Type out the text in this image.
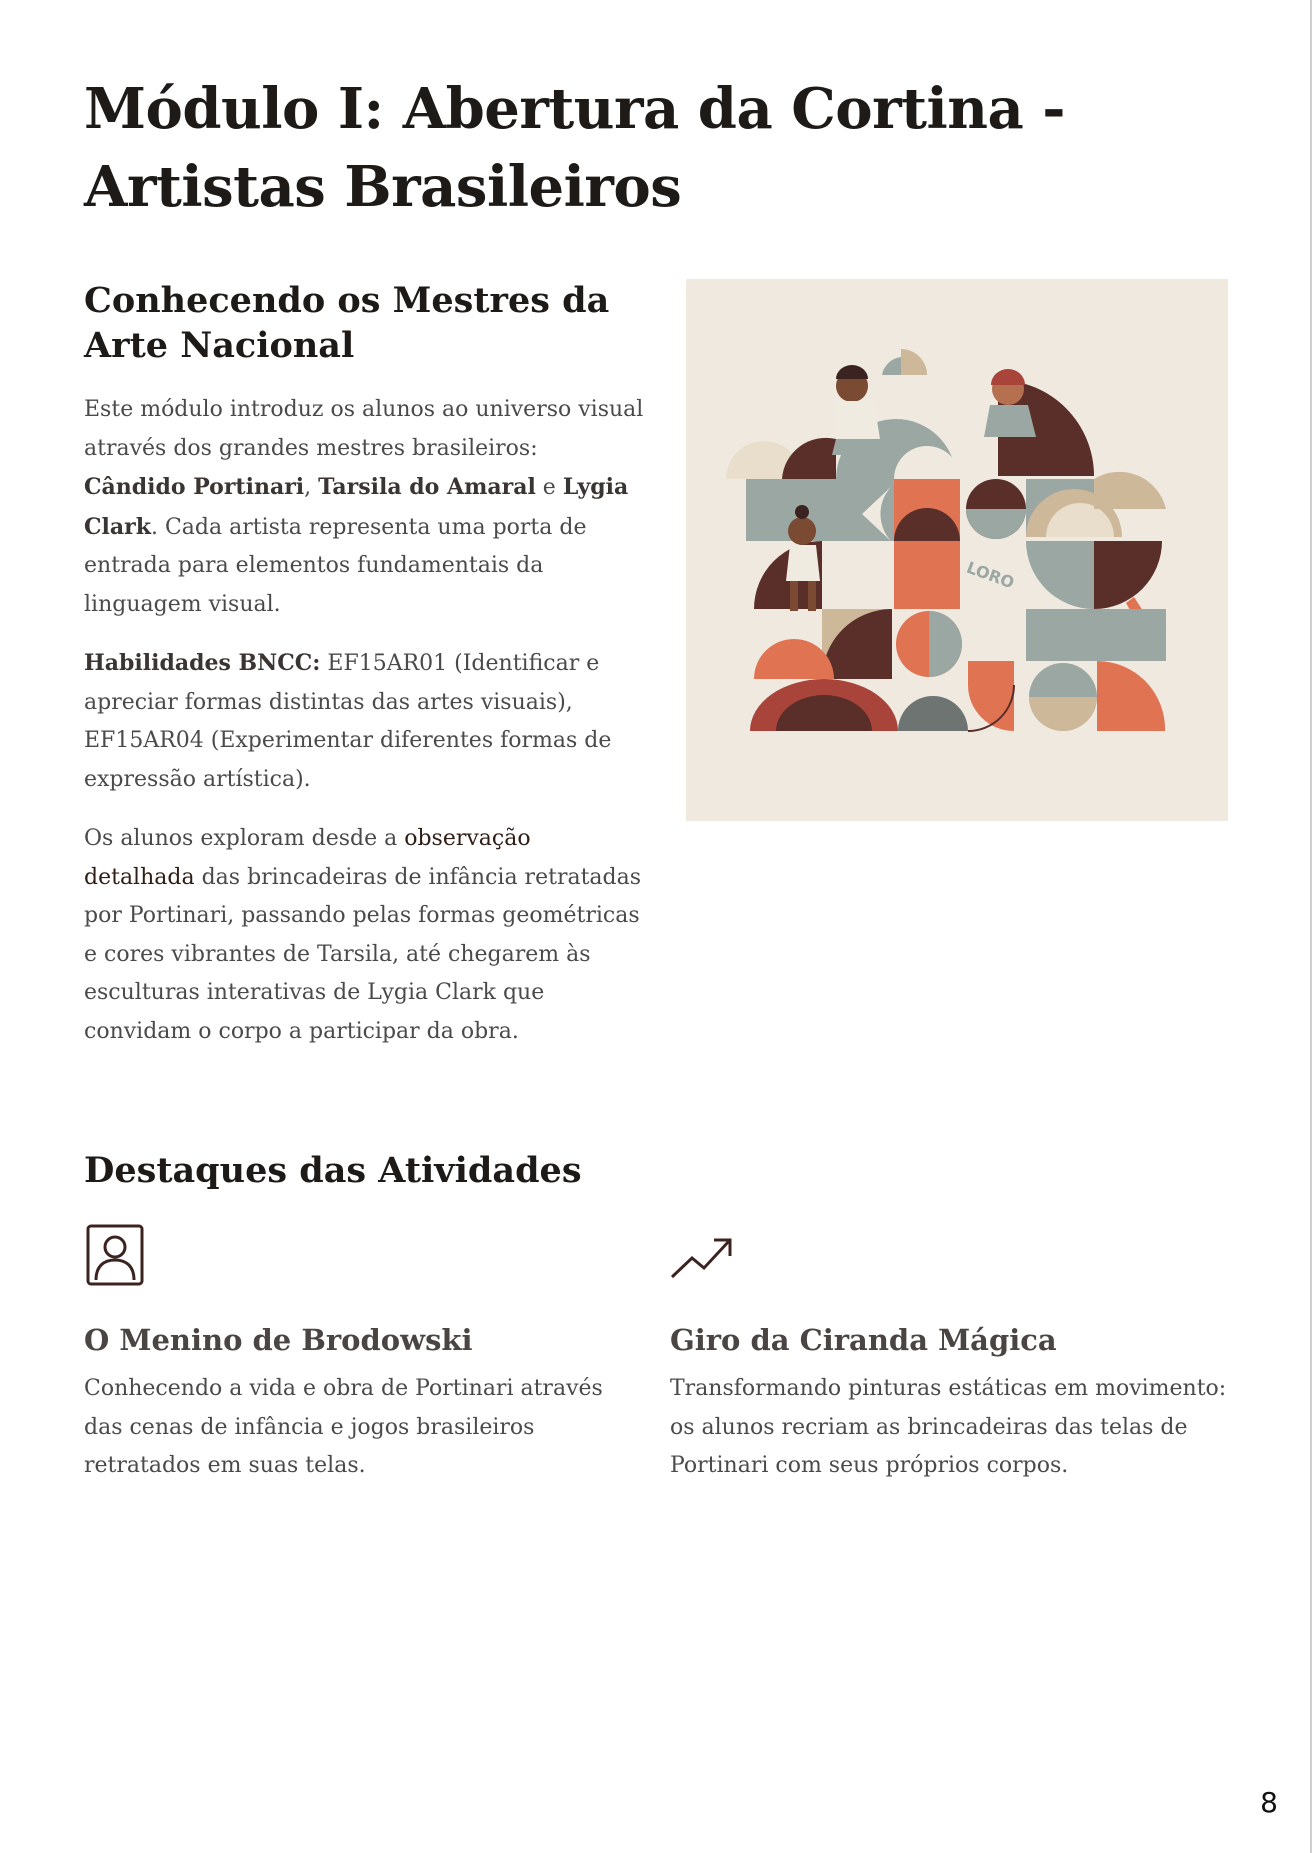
Módulo I: Abertura da Cortina - Artistas Brasileiros
Conhecendo os Mestres da Arte Nacional

Este módulo introduz os alunos ao universo visual através dos grandes mestres brasileiros: Cândido Portinari, Tarsila do Amaral e Lygia Clark. Cada artista representa uma porta de entrada para elementos fundamentais da linguagem visual.

Habilidades BNCC: EF15AR01 (Identificar e apreciar formas distintas das artes visuais), EF15AR04 (Experimentar diferentes formas de expressão artística).

Os alunos exploram desde a observação detalhada das brincadeiras de infância retratadas por Portinari, passando pelas formas geométricas e cores vibrantes de Tarsila, até chegarem às esculturas interativas de Lygia Clark que convidam o corpo a participar da obra.

LORO
Destaques das Atividades
O Menino de Brodowski

Conhecendo a vida e obra de Portinari através das cenas de infância e jogos brasileiros retratados em suas telas.

Giro da Ciranda Mágica

Transformando pinturas estáticas em movimento: os alunos recriam as brincadeiras das telas de Portinari com seus próprios corpos.

8
